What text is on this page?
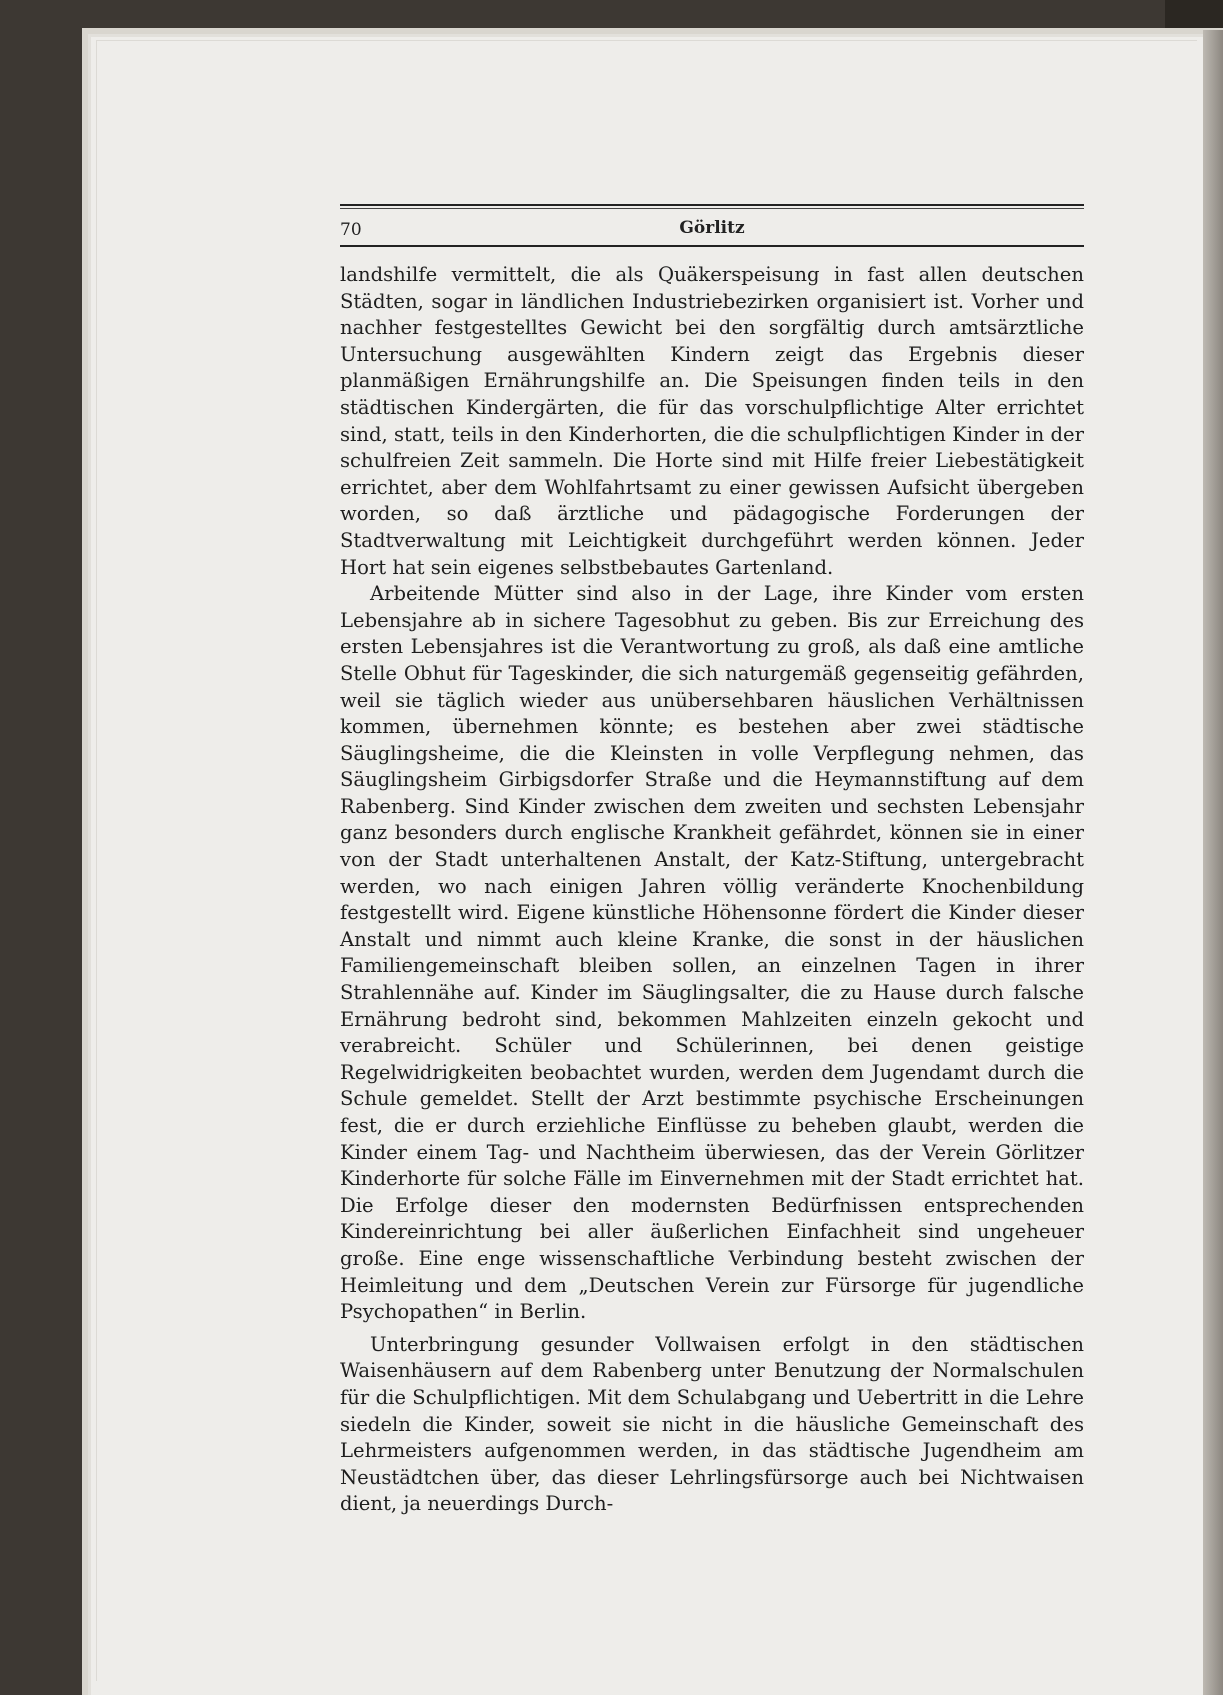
70	Görlitz

landshilfe vermittelt, die als Quäkerspeisung in fast allen deutschen Städten, sogar in ländlichen Industriebezirken organisiert ist. Vorher und nachher festgestelltes Gewicht bei den sorgfältig durch amtsärztliche Untersuchung ausgewählten Kindern zeigt das Ergebnis dieser planmäßigen Ernährungshilfe an. Die Speisungen finden teils in den städtischen Kindergärten, die für das vorschulpflichtige Alter errichtet sind, statt, teils in den Kinderhorten, die die schulpflichtigen Kinder in der schulfreien Zeit sammeln. Die Horte sind mit Hilfe freier Liebestätigkeit errichtet, aber dem Wohlfahrtsamt zu einer gewissen Aufsicht übergeben worden, so daß ärztliche und pädagogische Forderungen der Stadtverwaltung mit Leichtigkeit durchgeführt werden können. Jeder Hort hat sein eigenes selbstbebautes Gartenland.

Arbeitende Mütter sind also in der Lage, ihre Kinder vom ersten Lebensjahre ab in sichere Tagesobhut zu geben. Bis zur Erreichung des ersten Lebensjahres ist die Verantwortung zu groß, als daß eine amtliche Stelle Obhut für Tageskinder, die sich naturgemäß gegenseitig gefährden, weil sie täglich wieder aus unübersehbaren häuslichen Verhältnissen kommen, übernehmen könnte; es bestehen aber zwei städtische Säuglingsheime, die die Kleinsten in volle Verpflegung nehmen, das Säuglingsheim Girbigsdorfer Straße und die Heymannstiftung auf dem Rabenberg. Sind Kinder zwischen dem zweiten und sechsten Lebensjahr ganz besonders durch englische Krankheit gefährdet, können sie in einer von der Stadt unterhaltenen Anstalt, der Katz-Stiftung, untergebracht werden, wo nach einigen Jahren völlig veränderte Knochenbildung festgestellt wird. Eigene künstliche Höhensonne fördert die Kinder dieser Anstalt und nimmt auch kleine Kranke, die sonst in der häuslichen Familiengemeinschaft bleiben sollen, an einzelnen Tagen in ihrer Strahlennähe auf. Kinder im Säuglingsalter, die zu Hause durch falsche Ernährung bedroht sind, bekommen Mahlzeiten einzeln gekocht und verabreicht. Schüler und Schülerinnen, bei denen geistige Regelwidrigkeiten beobachtet wurden, werden dem Jugendamt durch die Schule gemeldet. Stellt der Arzt bestimmte psychische Erscheinungen fest, die er durch erziehliche Einflüsse zu beheben glaubt, werden die Kinder einem Tag- und Nachtheim überwiesen, das der Verein Görlitzer Kinderhorte für solche Fälle im Einvernehmen mit der Stadt errichtet hat. Die Erfolge dieser den modernsten Bedürfnissen entsprechenden Kindereinrichtung bei aller äußerlichen Einfachheit sind ungeheuer große. Eine enge wissenschaftliche Verbindung besteht zwischen der Heimleitung und dem „Deutschen Verein zur Fürsorge für jugendliche Psychopathen“ in Berlin.

Unterbringung gesunder Vollwaisen erfolgt in den städtischen Waisenhäusern auf dem Rabenberg unter Benutzung der Normalschulen für die Schulpflichtigen. Mit dem Schulabgang und Uebertritt in die Lehre siedeln die Kinder, soweit sie nicht in die häusliche Gemeinschaft des Lehrmeisters aufgenommen werden, in das städtische Jugendheim am Neustädtchen über, das dieser Lehrlingsfürsorge auch bei Nichtwaisen dient, ja neuerdings Durch-
